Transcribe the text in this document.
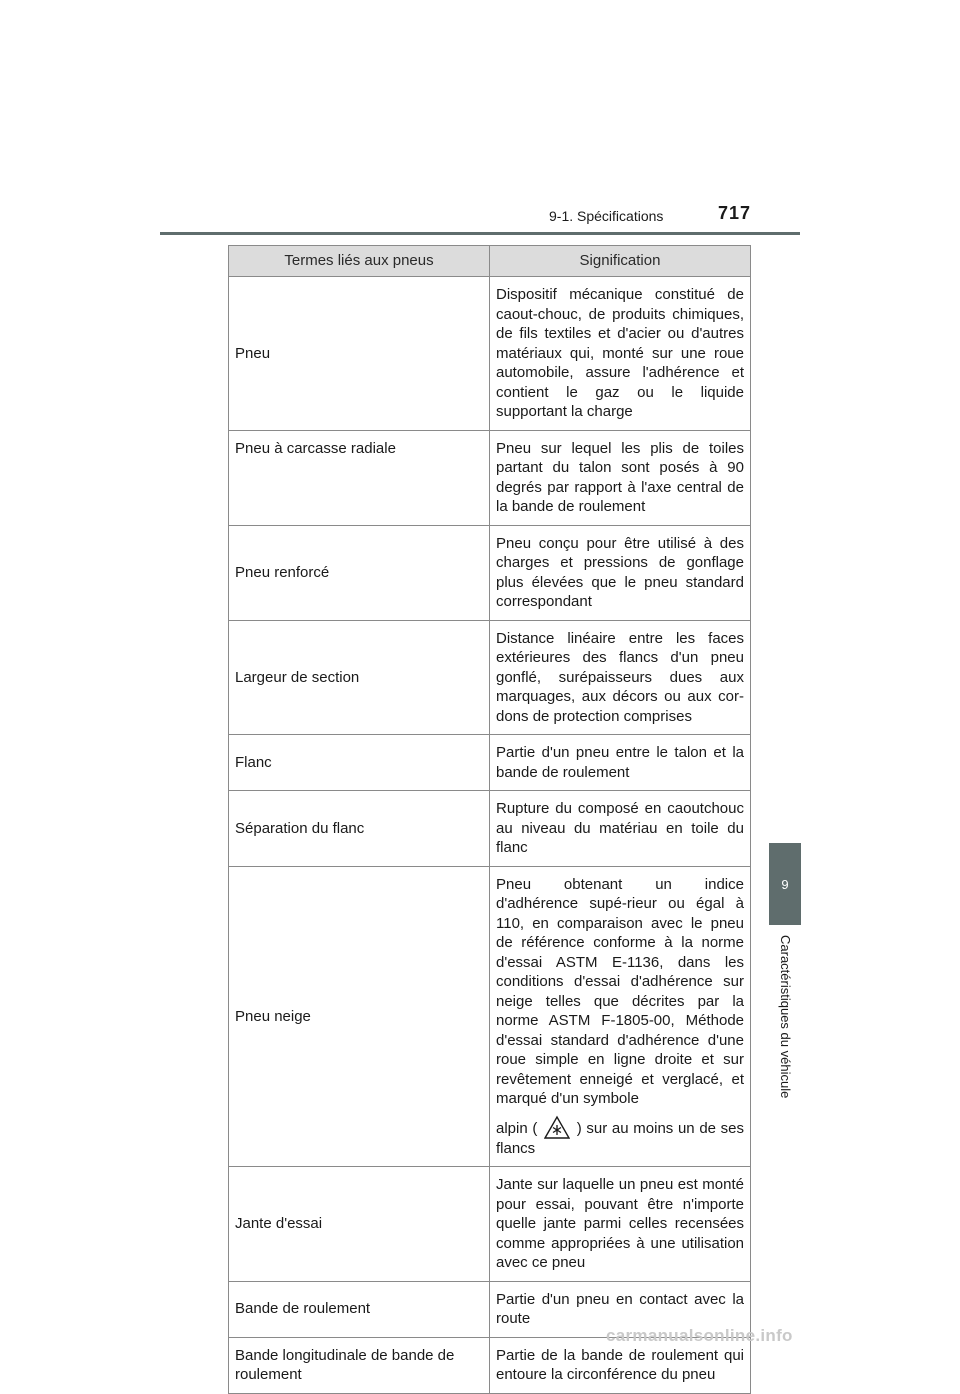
9-1. Spécifications	717
9
Caractéristiques du véhicule
Termes liés aux pneus	Signification
Pneu	Dispositif mécanique constitué de caout-chouc, de produits chimiques, de fils textiles et d'acier ou d'autres matériaux qui, monté sur une roue automobile, assure l'adhérence et contient le gaz ou le liquide supportant la charge
Pneu à carcasse radiale	Pneu sur lequel les plis de toiles partant du talon sont posés à 90 degrés par rapport à l'axe central de la bande de roulement
Pneu renforcé	Pneu conçu pour être utilisé à des charges et pressions de gonflage plus élevées que le pneu standard correspondant
Largeur de section	Distance linéaire entre les faces extérieures des flancs d'un pneu gonflé, surépaisseurs dues aux marquages, aux décors ou aux cor-dons de protection comprises
Flanc	Partie d'un pneu entre le talon et la bande de roulement
Séparation du flanc	Rupture du composé en caoutchouc au niveau du matériau en toile du flanc
Pneu neige	Pneu obtenant un indice d'adhérence supé-rieur ou égal à 110, en comparaison avec le pneu de référence conforme à la norme d'essai ASTM E-1136, dans les conditions d'essai d'adhérence sur neige telles que décrites par la norme ASTM F-1805-00, Méthode d'essai standard d'adhérence d'une roue simple en ligne droite et sur revêtement enneigé et verglacé, et marqué d'un symbole
alpin ( ) sur au moins un de ses flancs

Jante d'essai	Jante sur laquelle un pneu est monté pour essai, pouvant être n'importe quelle jante parmi celles recensées comme appropriées à une utilisation avec ce pneu
Bande de roulement	Partie d'un pneu en contact avec la route
Bande longitudinale de bande de roulement	Partie de la bande de roulement qui entoure la circonférence du pneu
carmanualsonline.info
